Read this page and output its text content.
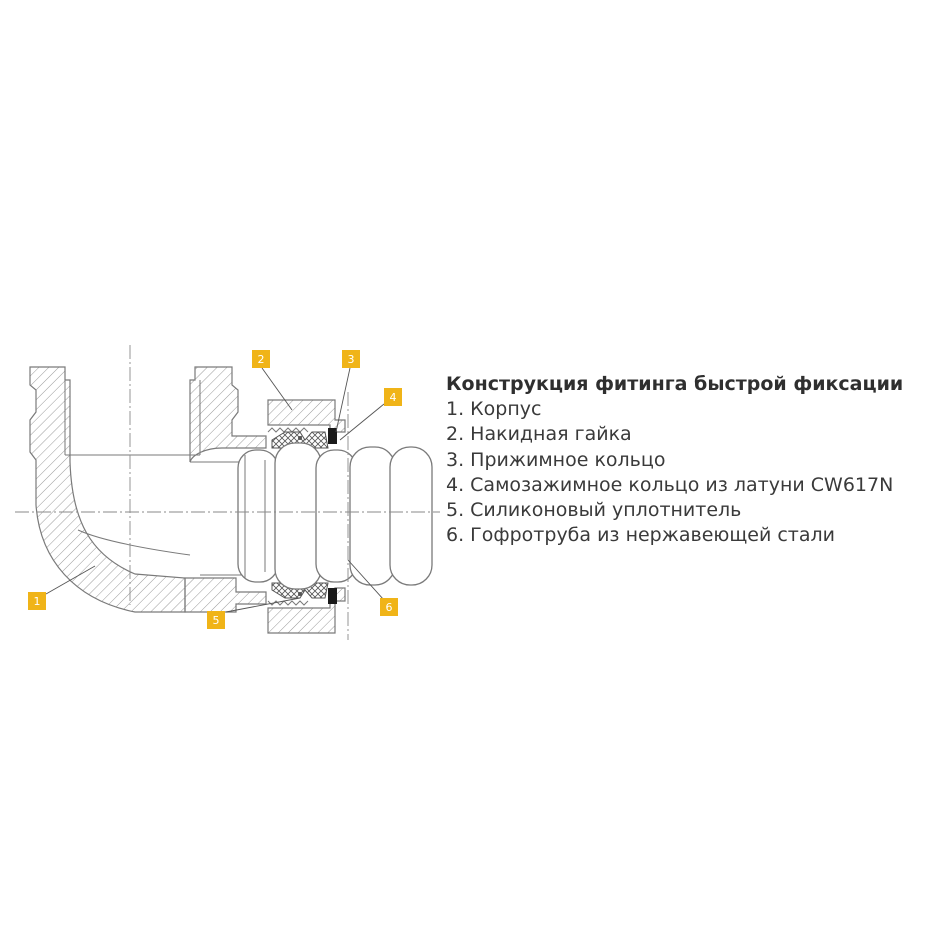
1
2	3
4
5
6
Конструкция фитинга быстрой фиксации
1. Корпус
2. Накидная гайка
3. Прижимное кольцо
4. Самозажимное кольцо из латуни CW617N
5. Силиконовый уплотнитель
6. Гофротруба из нержавеющей стали
